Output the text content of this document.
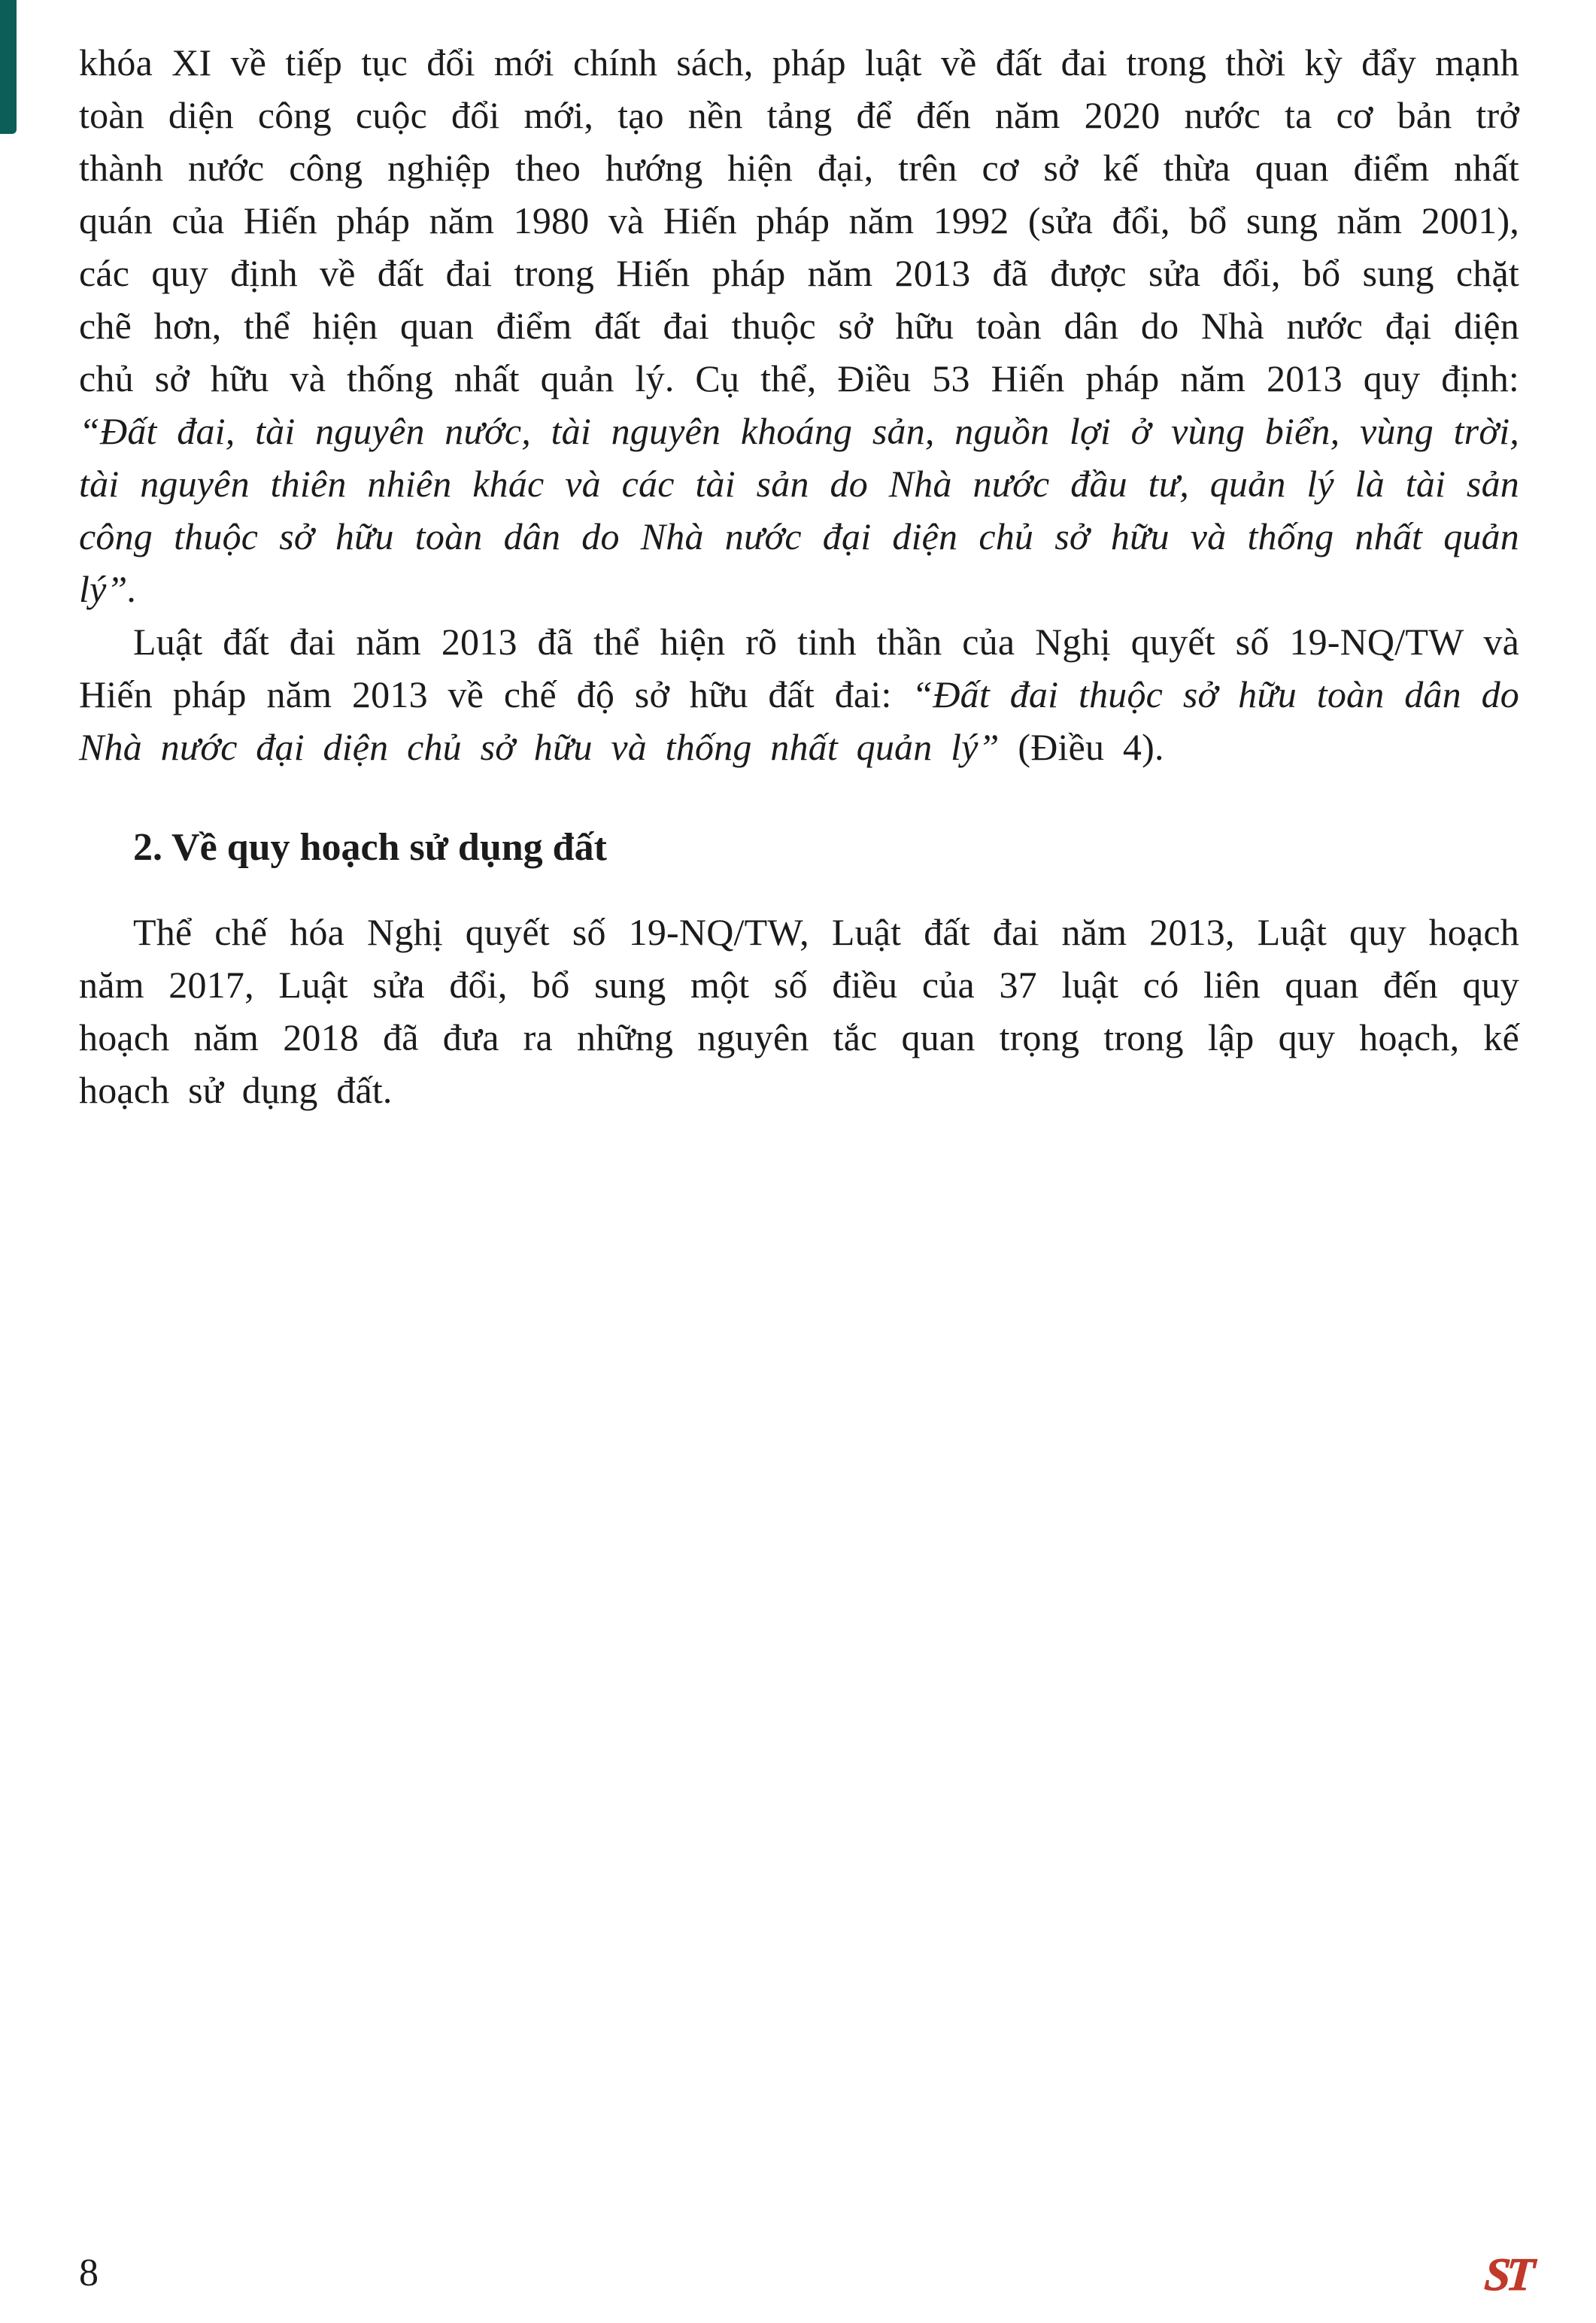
khóa XI về tiếp tục đổi mới chính sách, pháp luật về đất đai trong thời kỳ đẩy mạnh toàn diện công cuộc đổi mới, tạo nền tảng để đến năm 2020 nước ta cơ bản trở thành nước công nghiệp theo hướng hiện đại, trên cơ sở kế thừa quan điểm nhất quán của Hiến pháp năm 1980 và Hiến pháp năm 1992 (sửa đổi, bổ sung năm 2001), các quy định về đất đai trong Hiến pháp năm 2013 đã được sửa đổi, bổ sung chặt chẽ hơn, thể hiện quan điểm đất đai thuộc sở hữu toàn dân do Nhà nước đại diện chủ sở hữu và thống nhất quản lý. Cụ thể, Điều 53 Hiến pháp năm 2013 quy định: “Đất đai, tài nguyên nước, tài nguyên khoáng sản, nguồn lợi ở vùng biển, vùng trời, tài nguyên thiên nhiên khác và các tài sản do Nhà nước đầu tư, quản lý là tài sản công thuộc sở hữu toàn dân do Nhà nước đại diện chủ sở hữu và thống nhất quản lý”.

Luật đất đai năm 2013 đã thể hiện rõ tinh thần của Nghị quyết số 19-NQ/TW và Hiến pháp năm 2013 về chế độ sở hữu đất đai: “Đất đai thuộc sở hữu toàn dân do Nhà nước đại diện chủ sở hữu và thống nhất quản lý” (Điều 4).

2. Về quy hoạch sử dụng đất

Thể chế hóa Nghị quyết số 19-NQ/TW, Luật đất đai năm 2013, Luật quy hoạch năm 2017, Luật sửa đổi, bổ sung một số điều của 37 luật có liên quan đến quy hoạch năm 2018 đã đưa ra những nguyên tắc quan trọng trong lập quy hoạch, kế hoạch sử dụng đất.

8	ST
